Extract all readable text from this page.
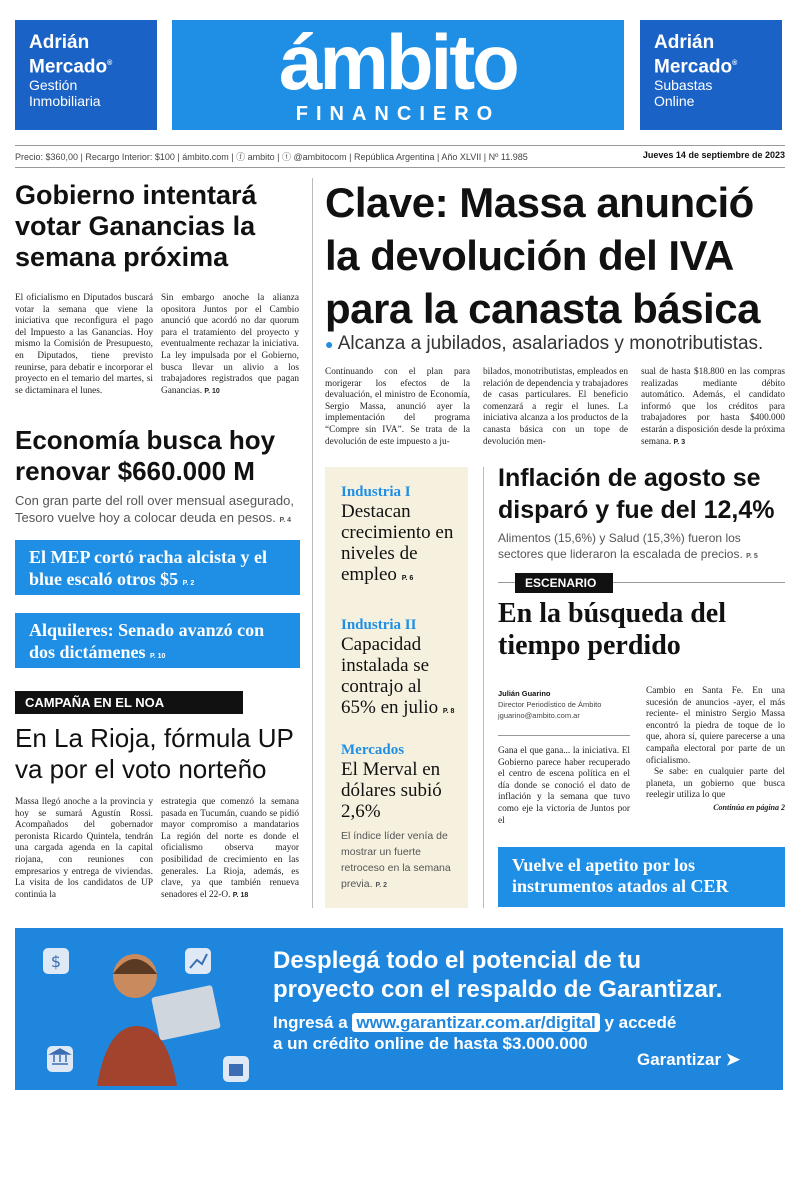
Adrián
Mercado®
Gestión
Inmobiliaria	ámbito
FINANCIERO
Adrián
Mercado®
Subastas
Online
Precio: $360,00 | Recargo Interior: $100 | ámbito.com | ⓕ ambito | ⓣ @ambitocom | República Argentina | Año XLVII | Nº 11.985	Jueves 14 de septiembre de 2023
Gobierno intentará votar Ganancias la semana próxima
El oficialismo en Diputados buscará votar la semana que viene la iniciativa que reconfigura el pago del Impuesto a las Ganancias. Hoy mismo la Comisión de Presupuesto, en Diputados, tiene previsto reunirse, para debatir e incorporar el proyecto en el temario del martes, si se dictaminara el lunes.
Sin embargo anoche la alianza opositora Juntos por el Cambio anunció que acordó no dar quorum para el tratamiento del proyecto y eventualmente rechazar la iniciativa. La ley impulsada por el Gobierno, busca llevar un alivio a los trabajadores registrados que pagan Ganancias. P. 10
Economía busca hoy renovar $660.000 M
Con gran parte del roll over mensual asegurado, Tesoro vuelve hoy a colocar deuda en pesos. P. 4
El MEP cortó racha alcista y el blue escaló otros $5 P. 2
Alquileres: Senado avanzó con dos dictámenes P. 10
CAMPAÑA EN EL NOA
En La Rioja, fórmula UP va por el voto norteño
Massa llegó anoche a la provincia y hoy se sumará Agustín Rossi. Acompañados del gobernador peronista Ricardo Quintela, tendrán una cargada agenda en la capital riojana, con reuniones con empresarios y entrega de viviendas. La visita de los candidatos de UP continúa la
estrategia que comenzó la semana pasada en Tucumán, cuando se pidió mayor compromiso a mandatarios La región del norte es donde el oficialismo observa mayor posibilidad de crecimiento en las generales. La Rioja, además, es clave, ya que también renueva senadores el 22-O. P. 18
Clave: Massa anunció la devolución del IVA para la canasta básica
● Alcanza a jubilados, asalariados y monotributistas.
Continuando con el plan para morigerar los efectos de la devaluación, el ministro de Economía, Sergio Massa, anunció ayer la implementación del programa “Compre sin IVA”. Se trata de la devolución de este impuesto a ju-
bilados, monotributistas, empleados en relación de dependencia y trabajadores de casas particulares. El beneficio comenzará a regir el lunes. La iniciativa alcanza a los productos de la canasta básica con un tope de devolución men-
sual de hasta $18.800 en las compras realizadas mediante débito automático. Además, el candidato informó que los créditos para trabajadores por hasta $400.000 estarán a disposición desde la próxima semana. P. 3
Industria I
Destacan crecimiento en niveles de empleo P. 6
Industria II
Capacidad instalada se contrajo al 65% en julio P. 8
Mercados
El Merval en dólares subió 2,6%
El índice líder venía de mostrar un fuerte retroceso en la semana previa. P. 2
Inflación de agosto se disparó y fue del 12,4%
Alimentos (15,6%) y Salud (15,3%) fueron los sectores que lideraron la escalada de precios. P. 5
ESCENARIO
En la búsqueda del tiempo perdido
Julián Guarino
Director Periodístico de Ámbito
jguarino@ambito.com.ar
Gana el que gana... la iniciativa. El Gobierno parece haber recuperado el centro de escena política en el día donde se conoció el dato de inflación y la semana que tuvo como eje la victoria de Juntos por el
Cambio en Santa Fe. En una sucesión de anuncios -ayer, el más reciente- el ministro Sergio Massa encontró la piedra de toque de lo que, ahora sí, quiere parecerse a una campaña electoral por parte de un oficialismo.
Se sabe: en cualquier parte del planeta, un gobierno que busca reelegir utiliza lo que
Continúa en página 2
Vuelve el apetito por los instrumentos atados al CER
$	Desplegá todo el potencial de tu
proyecto con el respaldo de Garantizar.
Ingresá a www.garantizar.com.ar/digital y accedé
a un crédito online de hasta $3.000.000
Garantizar ➤
